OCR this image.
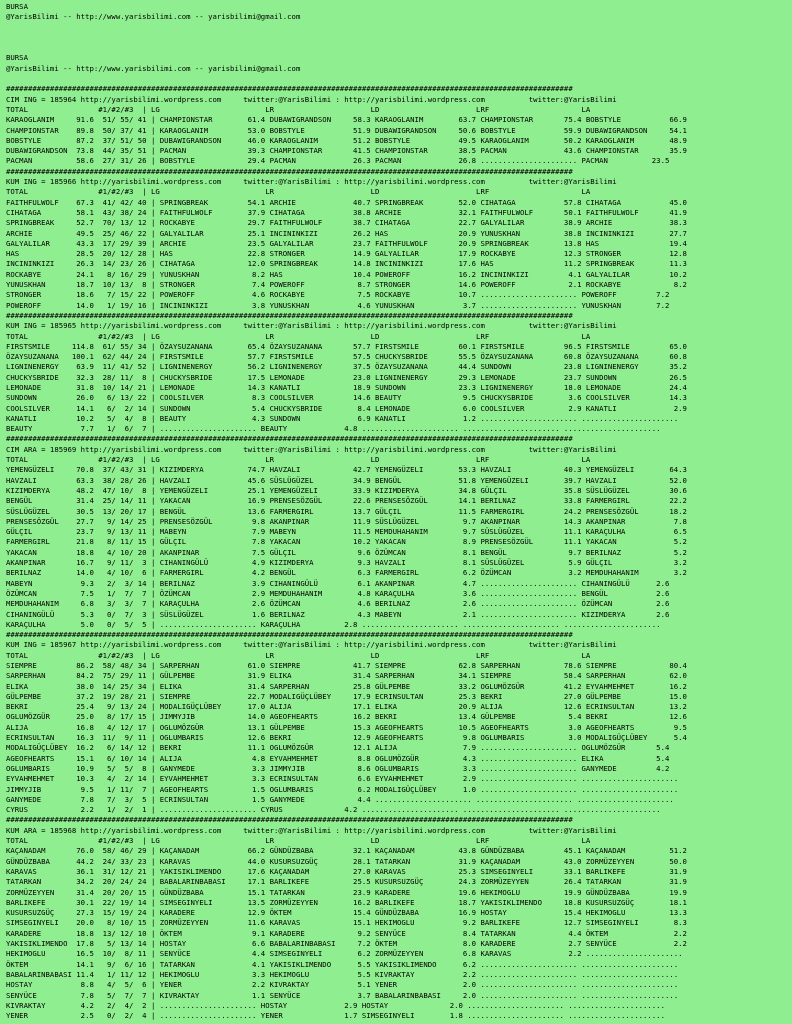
BURSA
@YarisBilimi -- http://www.yarisbilimi.com -- yarisbilimi@gmail.com
BURSA
@YarisBilimi -- http://www.yarisbilimi.com -- yarisbilimi@gmail.com
#################################################################################################################################
CIM ING = 185964 http://yarisbilimi.wordpress.com     twitter:@YarisBilimi : http://yarisbilimi.wordpress.com          twitter:@YarisBilimi
TOTAL                #1/#2/#3  | LG                        LR                      LD                      LRF                     LA
KARAOGLANIM     91.6  51/ 55/ 41 | CHAMPIONSTAR        61.4 DUBAWIGRANDSON     58.3 KARAOGLANIM        63.7 CHAMPIONSTAR       75.4 BOBSTYLE           66.9
CHAMPIONSTAR    89.8  50/ 37/ 41 | KARAOGLANIM         53.0 BOBSTYLE           51.9 DUBAWIGRANDSON     50.6 BOBSTYLE           59.9 DUBAWIGRANDSON     54.1
BOBSTYLE        87.2  37/ 51/ 50 | DUBAWIGRANDSON      46.0 KARAOGLANIM        51.2 BOBSTYLE           49.5 KARAOGLANIM        50.2 KARAOGLANIM        48.9
DUBAWIGRANDSON  73.8  44/ 35/ 51 | PACMAN              39.3 CHAMPIONSTAR       41.5 CHAMPIONSTAR       38.5 PACMAN             43.6 CHAMPIONSTAR       35.9
PACMAN          58.6  27/ 31/ 26 | BOBSTYLE            29.4 PACMAN             26.3 PACMAN             26.8 ...................... PACMAN          23.5
#################################################################################################################################
KUM ING = 185966 http://yarisbilimi.wordpress.com     twitter:@YarisBilimi : http://yarisbilimi.wordpress.com          twitter:@YarisBilimi
TOTAL                #1/#2/#3  | LG                        LR                      LD                      LRF                     LA
FAITHFULWOLF    67.3  41/ 42/ 40 | SPRINGBREAK         54.1 ARCHIE             40.7 SPRINGBREAK        52.0 CIHATAGA           57.8 CIHATAGA           45.0
CIHATAGA        58.1  43/ 38/ 24 | FAITHFULWOLF        37.9 CIHATAGA           38.8 ARCHIE             32.1 FAITHFULWOLF       50.1 FAITHFULWOLF       41.9
SPRINGBREAK     52.7  70/ 13/ 12 | ROCKABYE            29.7 FAITHFULWOLF       38.7 CIHATAGA           22.7 GALYALILAR         38.9 ARCHIE             38.3
ARCHIE          49.5  25/ 46/ 22 | GALYALILAR          25.1 INCININKIZI        26.2 HAS                20.9 YUNUSKHAN          38.8 INCININKIZI        27.7
GALYALILAR      43.3  17/ 29/ 39 | ARCHIE              23.5 GALYALILAR         23.7 FAITHFULWOLF       20.9 SPRINGBREAK        13.8 HAS                19.4
HAS             28.5  20/ 12/ 28 | HAS                 22.8 STRONGER           14.9 GALYALILAR         17.9 ROCKABYE           12.3 STRONGER           12.8
INCININKIZI     26.3  14/ 23/ 26 | CIHATAGA            12.0 SPRINGBREAK        14.8 INCININKIZI        17.6 HAS                11.2 SPRINGBREAK        11.3
ROCKABYE        24.1   8/ 16/ 29 | YUNUSKHAN            8.2 HAS                10.4 POWEROFF           16.2 INCININKIZI         4.1 GALYALILAR         10.2
YUNUSKHAN       18.7  10/ 13/  8 | STRONGER             7.4 POWEROFF            8.7 STRONGER           14.6 POWEROFF            2.1 ROCKABYE            8.2
STRONGER        18.6   7/ 15/ 22 | POWEROFF             4.6 ROCKABYE            7.5 ROCKABYE           10.7 ...................... POWEROFF         7.2
POWEROFF        14.0   1/ 19/ 16 | INCININKIZI          3.8 YUNUSKHAN           4.6 YUNUSKHAN           3.7 ...................... YUNUSKHAN        7.2
#################################################################################################################################
KUM ING = 185965 http://yarisbilimi.wordpress.com     twitter:@YarisBilimi : http://yarisbilimi.wordpress.com          twitter:@YarisBilimi
TOTAL                #1/#2/#3  | LG                        LR                      LD                      LRF                     LA
FIRSTSMILE     114.8  61/ 55/ 34 | ÖZAYSUZANANA        65.4 ÖZAYSUZANANA       57.7 FIRSTSMILE         60.1 FIRSTSMILE         96.5 FIRSTSMILE         65.0
ÖZAYSUZANANA   100.1  62/ 44/ 24 | FIRSTSMILE          57.7 FIRSTSMILE         57.5 CHUCKYSBRIDE       55.5 ÖZAYSUZANANA       60.8 ÖZAYSUZANANA       60.8
LIGNINENERGY    63.9  11/ 41/ 52 | LIGNINENERGY        56.2 LIGNINENERGY       37.5 ÖZAYSUZANANA       44.4 SUNDOWN            23.8 LIGNINENERGY       35.2
CHUCKYSBRIDE    32.3  28/ 11/  8 | CHUCKYSBRIDE        17.5 LEMONADE           23.0 LIGNINENERGY       29.3 LEMONADE           23.7 SUNDOWN            26.5
LEMONADE        31.8  10/ 14/ 21 | LEMONADE            14.3 KANATLI            18.9 SUNDOWN            23.3 LIGNINENERGY       18.0 LEMONADE           24.4
SUNDOWN         26.0   6/ 13/ 22 | COOLSILVER           8.3 COOLSILVER         14.6 BEAUTY              9.5 CHUCKYSBRIDE        3.6 COOLSILVER         14.3
COOLSILVER      14.1   6/  2/ 14 | SUNDOWN              5.4 CHUCKYSBRIDE        8.4 LEMONADE            6.0 COOLSILVER          2.9 KANATLI             2.9
KANATLI         10.2   5/  4/  8 | BEAUTY               4.3 SUNDOWN             6.9 KANATLI             1.2 ...................... ......................
BEAUTY           7.7   1/  6/  7 | ...................... BEAUTY             4.8 ...................... ...................... ......................
#################################################################################################################################
CIM ARA = 185969 http://yarisbilimi.wordpress.com     twitter:@YarisBilimi : http://yarisbilimi.wordpress.com          twitter:@YarisBilimi
TOTAL                #1/#2/#3  | LG                        LR                      LD                      LRF                     LA
YEMENGÜZELI     70.8  37/ 43/ 31 | KIZIMDERYA          74.7 HAVZALI            42.7 YEMENGÜZELI        53.3 HAVZALI            40.3 YEMENGÜZELI        64.3
HAVZALI         63.3  38/ 28/ 26 | HAVZALI             45.6 SÜSLÜGÜZEL         34.9 BENGÜL             51.8 YEMENGÜZELI        39.7 HAVZALI            52.0
KIZIMDERYA      48.2  47/ 10/  8 | YEMENGÜZELI         25.1 YEMENGÜZELI        33.9 KIZIMDERYA         34.8 GÜLÇIL             35.8 SÜSLÜGÜZEL         30.6
BENGÜL          31.4  25/ 14/ 11 | YAKACAN             16.9 PRENSESÖZGÜL       22.6 PRENSESÖZGÜL       14.1 BERILNAZ           33.8 FARMERGIRL         22.2
SÜSLÜGÜZEL      30.5  13/ 20/ 17 | BENGÜL              13.6 FARMERGIRL         13.7 GÜLÇIL             11.5 FARMERGIRL         24.2 PRENSESÖZGÜL       18.2
PRENSESÖZGÜL    27.7   9/ 14/ 25 | PRENSESÖZGÜL         9.8 AKANPINAR          11.9 SÜSLÜGÜZEL          9.7 AKANPINAR          14.3 AKANPINAR           7.8
GÜLÇIL          23.7   9/ 13/ 11 | MABEYN               7.9 MABEYN             11.5 MEMDUHAHANIM        9.7 SÜSLÜGÜZEL         11.1 KARAÇULHA           6.5
FARMERGIRL      21.8   8/ 11/ 15 | GÜLÇIL               7.8 YAKACAN            10.2 YAKACAN             8.9 PRENSESÖZGÜL       11.1 YAKACAN             5.2
YAKACAN         18.8   4/ 10/ 20 | AKANPINAR            7.5 GÜLÇIL              9.6 ÖZÜMCAN             8.1 BENGÜL              9.7 BERILNAZ            5.2
AKANPINAR       16.7   9/ 11/  3 | CIHANINGÜLÜ          4.9 KIZIMDERYA          9.3 HAVZALI             8.1 SÜSLÜGÜZEL          5.9 GÜLÇIL              3.2
BERILNAZ        14.0   4/ 10/  6 | FARMERGIRL           4.2 BENGÜL              6.3 FARMERGIRL          6.2 ÖZÜMCAN             3.2 MEMDUHAHANIM        3.2
MABEYN           9.3   2/  3/ 14 | BERILNAZ             3.9 CIHANINGÜLÜ         6.1 AKANPINAR           4.7 ...................... CIHANINGÜLÜ      2.6
ÖZÜMCAN          7.5   1/  7/  7 | ÖZÜMCAN              2.9 MEMDUHAHANIM        4.8 KARAÇULHA           3.6 ...................... BENGÜL           2.6
MEMDUHAHANIM     6.8   3/  3/  7 | KARAÇULHA            2.6 ÖZÜMCAN             4.6 BERILNAZ            2.6 ...................... ÖZÜMCAN          2.6
CIHANINGÜLÜ      5.3   0/  7/  3 | SÜSLÜGÜZEL           1.6 BERILNAZ            4.3 MABEYN              2.1 ...................... KIZIMDERYA       2.6
KARAÇULHA        5.0   0/  5/  5 | ...................... KARAÇULHA          2.8 ...................... ...................... ......................
#################################################################################################################################
KUM ING = 185967 http://yarisbilimi.wordpress.com     twitter:@YarisBilimi : http://yarisbilimi.wordpress.com          twitter:@YarisBilimi
TOTAL                #1/#2/#3  | LG                        LR                      LD                      LRF                     LA
SIEMPRE         86.2  58/ 48/ 34 | SARPERHAN           61.0 SIEMPRE            41.7 SIEMPRE            62.8 SARPERHAN          78.6 SIEMPRE            80.4
SARPERHAN       84.2  75/ 29/ 11 | GÜLPEMBE            31.9 ELIKA              31.4 SARPERHAN          34.1 SIEMPRE            58.4 SARPERHAN          62.0
ELIKA           38.0  14/ 25/ 34 | ELIKA               31.4 SARPERHAN          25.8 GÜLPEMBE           33.2 OGLUMÖZGÜR         41.2 EYVAHMEHMET        16.2
GÜLPEMBE        37.2  19/ 28/ 21 | SIEMPRE             22.7 MODALIGÜÇLÜBEY     17.9 ECRINSULTAN        25.3 BEKRI              27.0 GÜLPEMBE           15.0
BEKRI           25.4   9/ 13/ 24 | MODALIGÜÇLÜBEY      17.0 ALIJA              17.1 ELIKA              20.9 ALIJA              12.6 ECRINSULTAN        13.2
OGLUMÖZGÜR      25.0   8/ 17/ 15 | JIMMYJIB            14.0 AGEOFHEARTS        16.2 BEKRI              13.4 GÜLPEMBE            5.4 BEKRI              12.6
ALIJA           16.8   4/ 12/ 17 | OGLUMÖZGÜR          13.1 GÜLPEMBE           15.3 AGEOFHEARTS        10.5 AGEOFHEARTS         3.0 AGEOFHEARTS         9.5
ECRINSULTAN     16.3  11/  9/ 11 | OGLUMBARIS          12.6 BEKRI              12.9 AGEOFHEARTS         9.8 OGLUMBARIS          3.0 MODALIGÜÇLÜBEY      5.4
MODALIGÜÇLÜBEY  16.2   6/ 14/ 12 | BEKRI               11.1 OGLUMÖZGÜR         12.1 ALIJA               7.9 ...................... OGLUMÖZGÜR       5.4
AGEOFHEARTS     15.1   6/ 10/ 14 | ALIJA                4.8 EYVAHMEHMET         8.8 OGLUMÖZGÜR          4.3 ...................... ELIKA            5.4
OGLUMBARIS      10.9   5/  5/  8 | GANYMEDE             3.3 JIMMYJIB            8.6 OGLUMBARIS          3.3 ...................... GANYMEDE         4.2
EYVAHMEHMET     10.3   4/  2/ 14 | EYVAHMEHMET          3.3 ECRINSULTAN         6.6 EYVAHMEHMET         2.9 ...................... ......................
JIMMYJIB         9.5   1/ 11/  7 | AGEOFHEARTS          1.5 OGLUMBARIS          6.2 MODALIGÜÇLÜBEY      1.0 ...................... ......................
GANYMEDE         7.8   7/  3/  5 | ECRINSULTAN          1.5 GANYMEDE            4.4 ...................... ...................... ......................
CYRUS            2.2   1/  2/  1 | ...................... CYRUS              4.2 ...................... ...................... ......................
#################################################################################################################################
KUM ARA = 185968 http://yarisbilimi.wordpress.com     twitter:@YarisBilimi : http://yarisbilimi.wordpress.com          twitter:@YarisBilimi
TOTAL                #1/#2/#3  | LG                        LR                      LD                      LRF                     LA
KAÇANADAM       76.0  58/ 46/ 29 | KAÇANADAM           66.2 GÜNDÜZBABA         32.1 KAÇANADAM          43.8 GÜNDÜZBABA         45.1 KAÇANADAM          51.2
GÜNDÜZBABA      44.2  24/ 33/ 23 | KARAVAS             44.0 KUSURSUZGÜÇ        28.1 TATARKAN           31.9 KAÇANADAM          43.0 ZORMÜZEYYEN        50.0
KARAVAS         36.1  31/ 12/ 21 | YAKISIKLIMENDO      17.6 KAÇANADAM          27.0 KARAVAS            25.3 SIMSEGINYELI       33.1 BARLIKEFE          31.9
TATARKAN        34.2  20/ 24/ 24 | BABALARINBABASI     17.1 BARLIKEFE          25.5 KUSURSUZGÜÇ        24.3 ZORMÜZEYYEN        26.4 TATARKAN           31.9
ZORMÜZEYYEN     31.4  20/ 20/ 15 | GÜNDÜZBABA          15.1 TATARKAN           23.9 KARADERE           19.6 HEKIMOGLU          19.9 GÜNDÜZBABA         19.9
BARLIKEFE       30.1  22/ 19/ 14 | SIMSEGINYELI        13.5 ZORMÜZEYYEN        16.2 BARLIKEFE          18.7 YAKISIKLIMENDO     18.8 KUSURSUZGÜÇ        18.1
KUSURSUZGÜÇ     27.3  15/ 19/ 24 | KARADERE            12.9 ÖKTEM              15.4 GÜNDÜZBABA         16.9 HOSTAY             15.4 HEKIMOGLU          13.3
SIMSEGINYELI    20.0   8/ 10/ 15 | ZORMÜZEYYEN         11.6 KARAVAS            15.1 HEKIMOGLU           9.2 BARLIKEFE          12.7 SIMSEGINYELI        8.3
KARADERE        18.8  13/ 12/ 10 | ÖKTEM                9.1 KARADERE            9.2 SENYÜCE             8.4 TATARKAN            4.4 ÖKTEM               2.2
YAKISIKLIMENDO  17.8   5/ 13/ 14 | HOSTAY               6.6 BABALARINBABASI     7.2 ÖKTEM               8.0 KARADERE            2.7 SENYÜCE             2.2
HEKIMOGLU       16.5  10/  8/ 11 | SENYÜCE              4.4 SIMSEGINYELI        6.2 ZORMÜZEYYEN         6.8 KARAVAS             2.2 ......................
ÖKTEM           14.1   9/  6/ 16 | TATARKAN             4.1 YAKISIKLIMENDO      5.5 YAKISIKLIMENDO      6.2 ...................... ......................
BABALARINBABASI 11.4   1/ 11/ 12 | HEKIMOGLU            3.3 HEKIMOGLU           5.5 KIVRAKTAY           2.2 ...................... ......................
HOSTAY           8.8   4/  5/  6 | YENER                2.2 KIVRAKTAY           5.1 YENER               2.0 ...................... ......................
SENYÜCE          7.8   5/  7/  7 | KIVRAKTAY            1.1 SENYÜCE             3.7 BABALARINBABASI     2.0 ...................... ......................
KIVRAKTAY        4.2   2/  4/  2 | ...................... HOSTAY             2.9 HOSTAY              2.0 ...................... ......................
YENER            2.5   0/  2/  4 | ...................... YENER              1.7 SIMSEGINYELI        1.8 ...................... ......................
